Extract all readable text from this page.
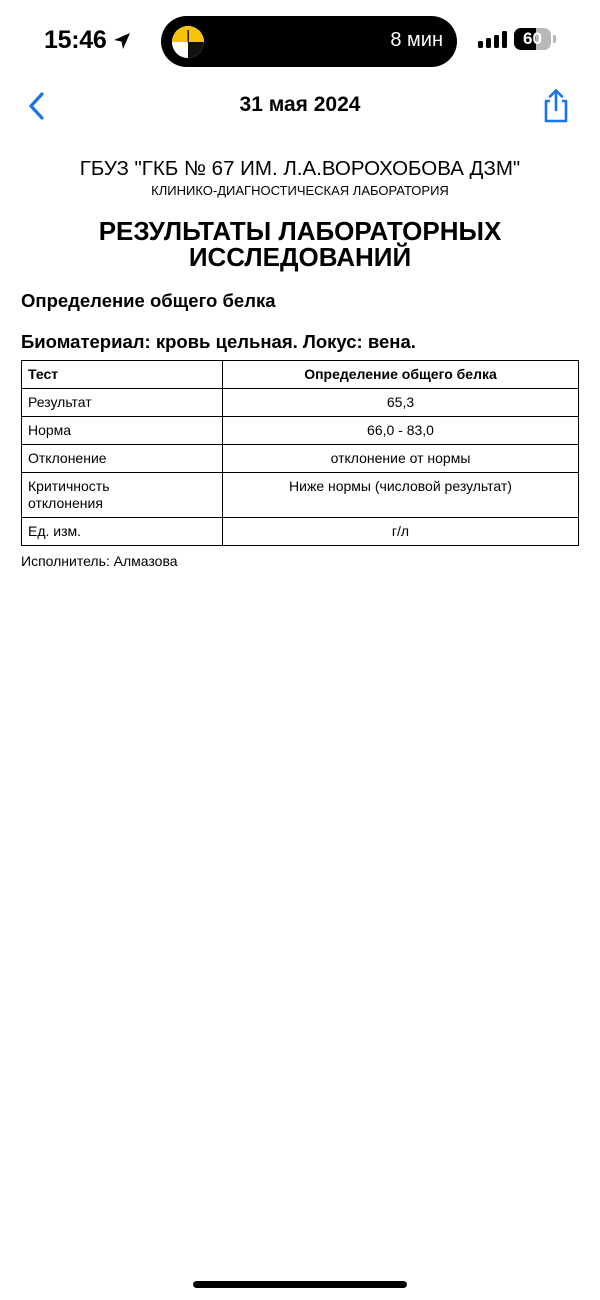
15:46	8 мин	60
31 мая 2024
ГБУЗ "ГКБ № 67 ИМ. Л.А.ВОРОХОБОВА ДЗМ"
КЛИНИКО-ДИАГНОСТИЧЕСКАЯ ЛАБОРАТОРИЯ
РЕЗУЛЬТАТЫ ЛАБОРАТОРНЫХ
ИССЛЕДОВАНИЙ
Определение общего белка
Биоматериал: кровь цельная. Локус: вена.
Тест	Определение общего белка
Результат	65,3
Норма	66,0 - 83,0
Отклонение	отклонение от нормы
Критичность отклонения	Ниже нормы (числовой результат)
Ед. изм.	г/л
Исполнитель: Алмазова
